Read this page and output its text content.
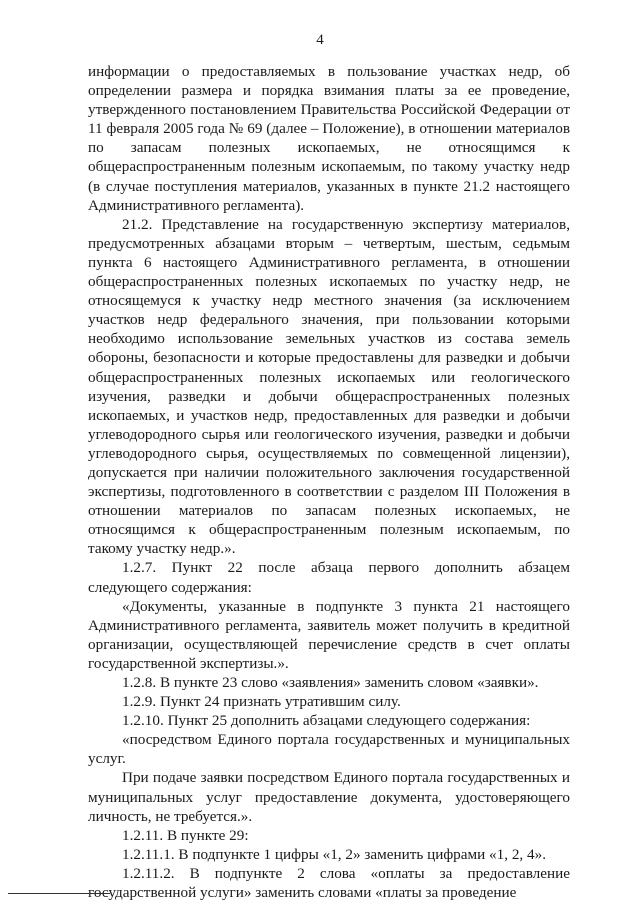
4

информации о предоставляемых в пользование участках недр, об определении размера и порядка взимания платы за ее проведение, утвержденного постановлением Правительства Российской Федерации от 11 февраля 2005 года № 69 (далее – Положение), в отношении материалов по запасам полезных ископаемых, не относящимся к общераспространенным полезным ископаемым, по такому участку недр (в случае поступления материалов, указанных в пункте 21.2 настоящего Административного регламента).

21.2. Представление на государственную экспертизу материалов, предусмотренных абзацами вторым – четвертым, шестым, седьмым пункта 6 настоящего Административного регламента, в отношении общераспространенных полезных ископаемых по участку недр, не относящемуся к участку недр местного значения (за исключением участков недр федерального значения, при пользовании которыми необходимо использование земельных участков из состава земель обороны, безопасности и которые предоставлены для разведки и добычи общераспространенных полезных ископаемых или геологического изучения, разведки и добычи общераспространенных полезных ископаемых, и участков недр, предоставленных для разведки и добычи углеводородного сырья или геологического изучения, разведки и добычи углеводородного сырья, осуществляемых по совмещенной лицензии), допускается при наличии положительного заключения государственной экспертизы, подготовленного в соответствии с разделом III Положения в отношении материалов по запасам полезных ископаемых, не относящимся к общераспространенным полезным ископаемым, по такому участку недр.».

1.2.7. Пункт 22 после абзаца первого дополнить абзацем следующего содержания:

«Документы, указанные в подпункте 3 пункта 21 настоящего Административного регламента, заявитель может получить в кредитной организации, осуществляющей перечисление средств в счет оплаты государственной экспертизы.».

1.2.8. В пункте 23 слово «заявления» заменить словом «заявки».

1.2.9. Пункт 24 признать утратившим силу.

1.2.10. Пункт 25 дополнить абзацами следующего содержания:

«посредством Единого портала государственных и муниципальных услуг.

При подаче заявки посредством Единого портала государственных и муниципальных услуг предоставление документа, удостоверяющего личность, не требуется.».

1.2.11. В пункте 29:

1.2.11.1. В подпункте 1 цифры «1, 2» заменить цифрами «1, 2, 4».

1.2.11.2. В подпункте 2 слова «оплаты за предоставление государственной услуги» заменить словами «платы за проведение
